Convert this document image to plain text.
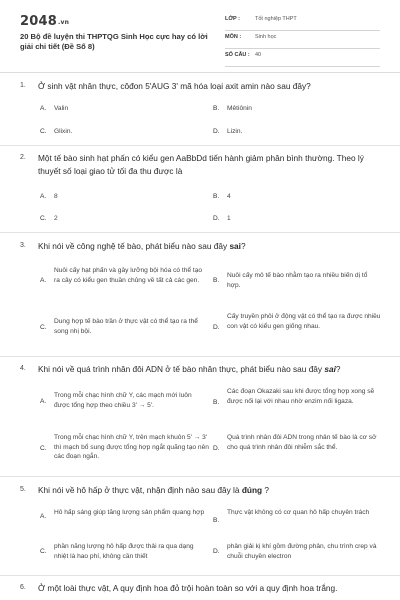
2048.vn
20 Bộ đề luyện thi THPTQG Sinh Học cực hay có lời giải chi tiết (Đề Số 8)
LỚP :	Tốt nghiệp THPT
MÔN :	Sinh học
SỐ CÂU : 40
1. Ở sinh vật nhân thực, côđon 5'AUG 3' mã hóa loại axit amin nào sau đây?
A. Valin	B. Mêtiônin
C. Glixin.	D. Lizin.
2. Một tế bào sinh hạt phấn có kiểu gen AaBbDd tiến hành giảm phân bình thường. Theo lý thuyết số loại giao tử tối đa thu được là
A. 8	B. 4
C. 2	D. 1
3. Khi nói về công nghệ tế bào, phát biểu nào sau đây sai?
A.
Nuôi cấy hạt phấn và gây lưỡng bội hóa có thể tạo ra cây có kiểu gen thuần chủng về tất cả các gen.	B.
Nuôi cấy mô tế bào nhằm tạo ra nhiều biến dị tổ hợp.
C.
Dung hợp tế bào trần ở thực vật có thể tạo ra thể song nhị bội.	D.
Cấy truyền phôi ở động vật có thể tạo ra được nhiều con vật có kiểu gen giống nhau.
4. Khi nói về quá trình nhân đôi ADN ở tế bào nhân thực, phát biểu nào sau đây sai?
A.
Trong mỗi chạc hình chữ Y, các mạch mới luôn được tổng hợp theo chiều 3' → 5'.	B.
Các đoạn Okazaki sau khi được tổng hợp xong sẽ được nối lại với nhau nhờ enzim nối ligaza.
C.
Trong mỗi chạc hình chữ Y, trên mạch khuôn 5' → 3' thì mạch bổ sung được tổng hợp ngắt quãng tạo nên các đoạn ngắn.
D.
Quá trình nhân đôi ADN trong nhân tế bào là cơ sở cho quá trình nhân đôi nhiễm sắc thể.
5. Khi nói về hô hấp ở thực vật, nhận định nào sau đây là đúng ?
A.
Hô hấp sáng giúp tăng lượng sản phẩm quang hợp
B.
Thực vật không có cơ quan hô hấp chuyên trách
C.
phần năng lượng hô hấp được thải ra qua dạng nhiệt là hao phí, không cần thiết
D.
phân giải kị khí gồm đường phân, chu trình crep và chuỗi chuyền electron
6. Ở một loài thực vật, A quy định hoa đỏ trội hoàn toàn so với a quy định hoa trắng.
